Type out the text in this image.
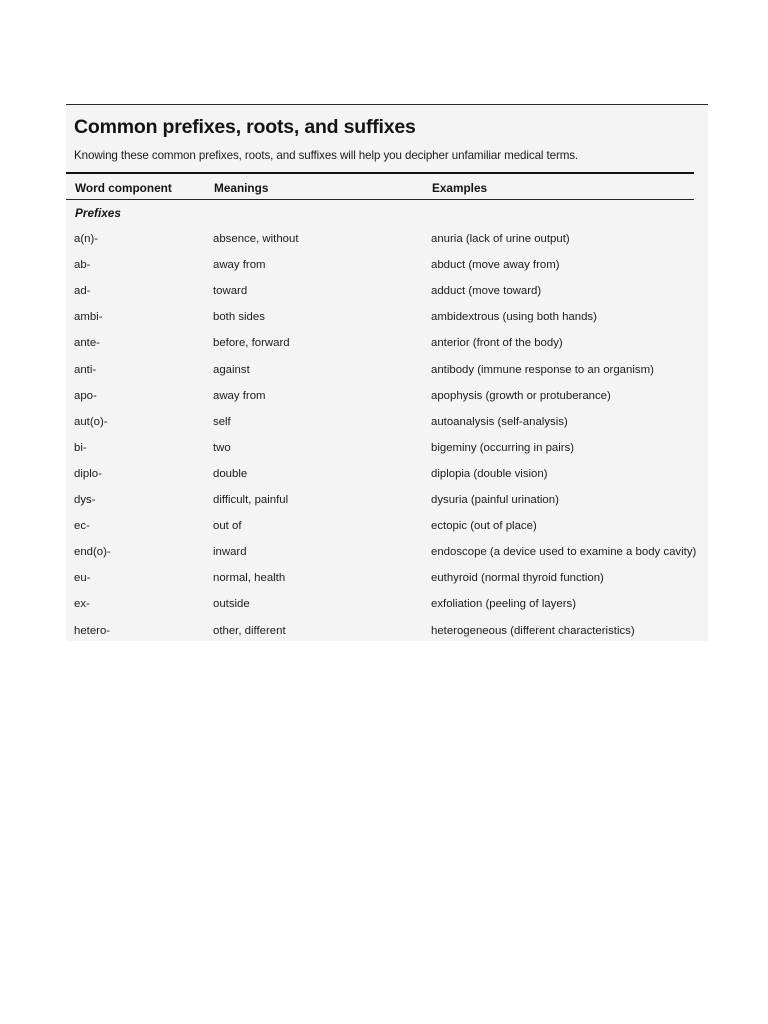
Common prefixes, roots, and suffixes

Knowing these common prefixes, roots, and suffixes will help you decipher unfamiliar medical terms.

Word component	Meanings	Examples
Prefixes
a(n)-	absence, without	anuria (lack of urine output)
ab-	away from	abduct (move away from)
ad-	toward	adduct (move toward)
ambi-	both sides	ambidextrous (using both hands)
ante-	before, forward	anterior (front of the body)
anti-	against	antibody (immune response to an organism)
apo-	away from	apophysis (growth or protuberance)
aut(o)-	self	autoanalysis (self-analysis)
bi-	two	bigeminy (occurring in pairs)
diplo-	double	diplopia (double vision)
dys-	difficult, painful	dysuria (painful urination)
ec-	out of	ectopic (out of place)
end(o)-	inward	endoscope (a device used to examine a body cavity)
eu-	normal, health	euthyroid (normal thyroid function)
ex-	outside	exfoliation (peeling of layers)
hetero-	other, different	heterogeneous (different characteristics)
